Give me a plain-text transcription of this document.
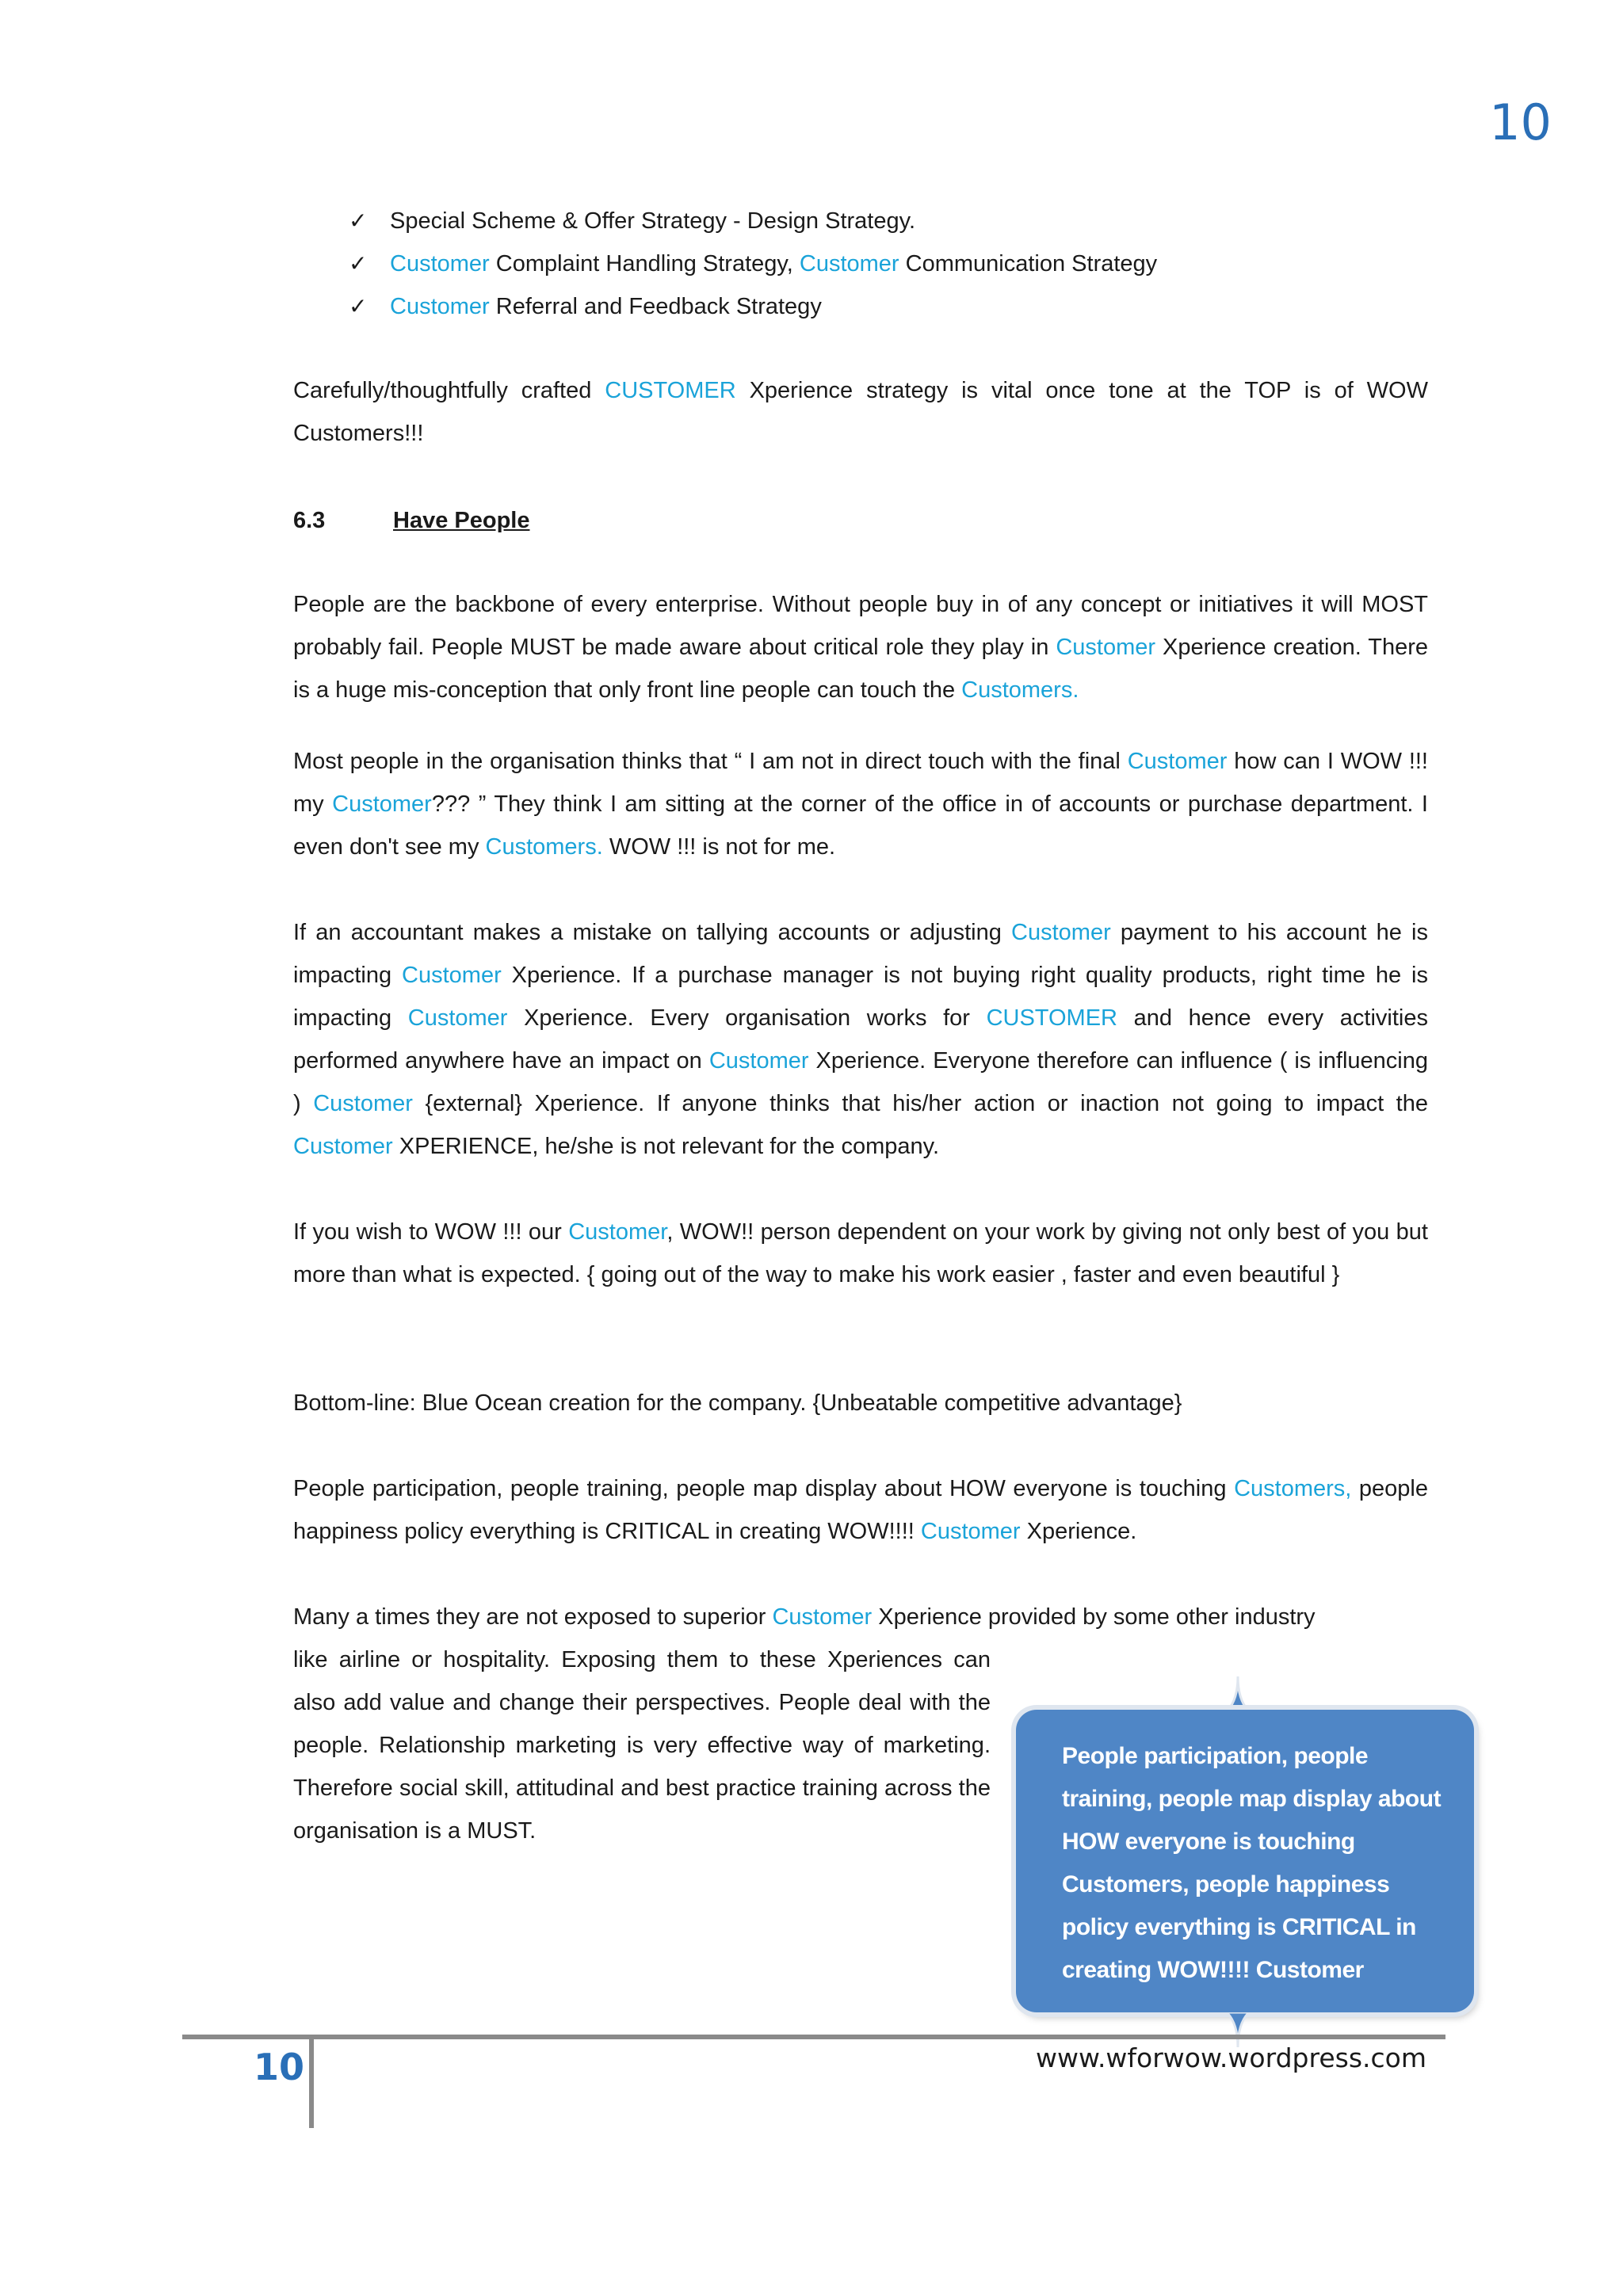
10
✓ Special Scheme & Offer Strategy - Design Strategy.
✓ Customer Complaint Handling Strategy, Customer Communication Strategy
✓ Customer Referral and Feedback Strategy

Carefully/thoughtfully crafted CUSTOMER Xperience strategy is vital once tone at the TOP is of WOW Customers!!!

6.3	Have People

People are the backbone of every enterprise. Without people buy in of any concept or initiatives it will MOST probably fail. People MUST be made aware about critical role they play in Customer Xperience creation. There is a huge mis-conception that only front line people can touch the Customers.

Most people in the organisation thinks that “ I am not in direct touch with the final Customer how can I WOW !!! my Customer??? ” They think I am sitting at the corner of the office in of accounts or purchase department. I even don't see my Customers. WOW !!! is not for me.

If an accountant makes a mistake on tallying accounts or adjusting Customer payment to his account he is impacting Customer Xperience. If a purchase manager is not buying right quality products, right time he is impacting Customer Xperience. Every organisation works for CUSTOMER and hence every activities performed anywhere have an impact on Customer Xperience. Everyone therefore can influence ( is influencing ) Customer {external} Xperience. If anyone thinks that his/her action or inaction not going to impact the Customer XPERIENCE, he/she is not relevant for the company.

If you wish to WOW !!! our Customer, WOW!! person dependent on your work by giving not only best of you but more than what is expected. { going out of the way to make his work easier , faster and even beautiful }

Bottom-line: Blue Ocean creation for the company. {Unbeatable competitive advantage}

People participation, people training, people map display about HOW everyone is touching Customers, people happiness policy everything is CRITICAL in creating WOW!!!! Customer Xperience.

Many a times they are not exposed to superior Customer Xperience provided by some other industry

like airline or hospitality. Exposing them to these Xperiences can also add value and change their perspectives. People deal with the people. Relationship marketing is very effective way of marketing. Therefore social skill, attitudinal and best practice training across the organisation is a MUST.

People participation, people training, people map display about HOW everyone is touching Customers, people happiness policy everything is CRITICAL in creating WOW!!!! Customer
10	www.wforwow.wordpress.com
